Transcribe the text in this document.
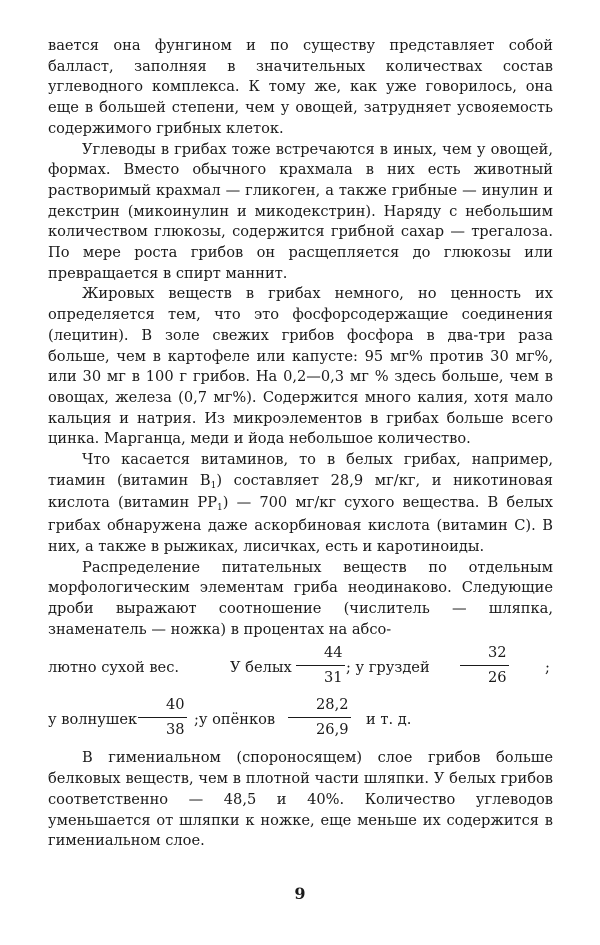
вается она фунгином и по существу представляет собой балласт, заполняя в значительных количествах состав углеводного комплекса. К тому же, как уже говорилось, она еще в большей степени, чем у овощей, затрудняет усвояемость содержимого грибных клеток.

Углеводы в грибах тоже встречаются в иных, чем у овощей, формах. Вместо обычного крахмала в них есть животный растворимый крахмал — гликоген, а также грибные — инулин и декстрин (микоинулин и микодекстрин). Наряду с небольшим количеством глюкозы, содержится грибной сахар — трегалоза. По мере роста грибов он расщепляется до глюкозы или превращается в спирт маннит.

Жировых веществ в грибах немного, но ценность их определяется тем, что это фосфорсодержащие соединения (лецитин). В золе свежих грибов фосфора в два-три раза больше, чем в картофеле или капусте: 95 мг% против 30 мг%, или 30 мг в 100 г грибов. На 0,2—0,3 мг % здесь больше, чем в овощах, железа (0,7 мг%). Содержится много калия, хотя мало кальция и натрия. Из микроэлементов в грибах больше всего цинка. Марганца, меди и йода небольшое количество.

Что касается витаминов, то в белых грибах, например, тиамин (витамин $В_1$) составляет 28,9 мг/кг, и никотиновая кислота (витамин $РР_1$) — 700 мг/кг сухого вещества. В белых грибах обнаружена даже аскорбиновая кислота (витамин С). В них, а также в рыжиках, лисичках, есть и каротиноиды.

Распределение питательных веществ по отдельным морфологическим элементам гриба неодинаково. Следующие дроби выражают соотношение (числитель — шляпка, знаменатель — ножка) в процентах на абсо-

лютно сухой вес.	У белых $\frac{44}{31}$ ; у груздей $\frac{32}{26}$ ;
у волнушек $\frac{40}{38}$ ;у опёнков $\frac{28,2}{26,9}$ и т. д.

В гимениальном (спороносящем) слое грибов больше белковых веществ, чем в плотной части шляпки. У белых грибов соответственно — 48,5 и 40%. Количество углеводов уменьшается от шляпки к ножке, еще меньше их содержится в гимениальном слое.

9
